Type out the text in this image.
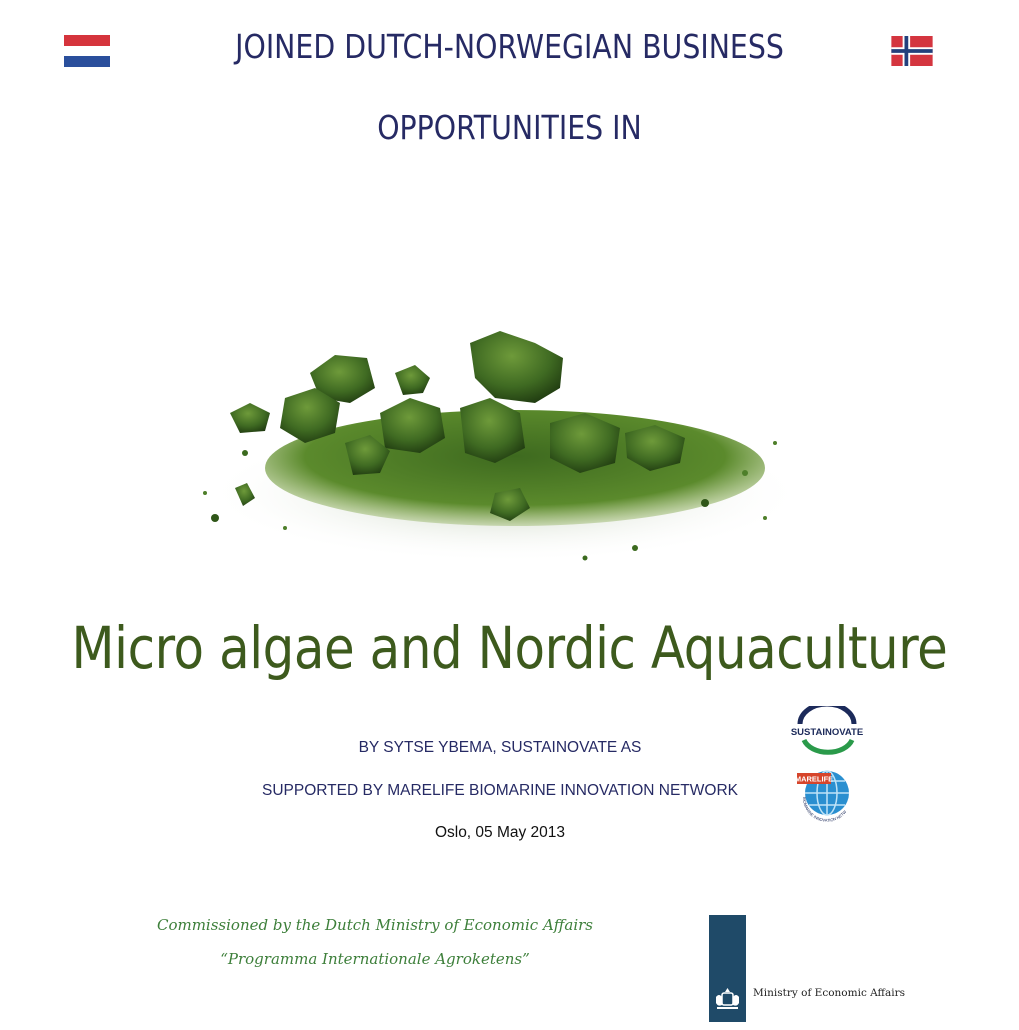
JOINED DUTCH-NORWEGIAN BUSINESS
OPPORTUNITIES IN
Micro algae and Nordic Aquaculture
BY SYTSE YBEMA, SUSTAINOVATE AS
SUPPORTED BY MARELIFE BIOMARINE INNOVATION NETWORK
Oslo, 05 May 2013
SUSTAINOVATE
MARELIFE
BIOMARINE INNOVATION NETW
Commissioned by the Dutch Ministry of Economic Affairs
“Programma Internationale Agroketens”
Ministry of Economic Affairs
